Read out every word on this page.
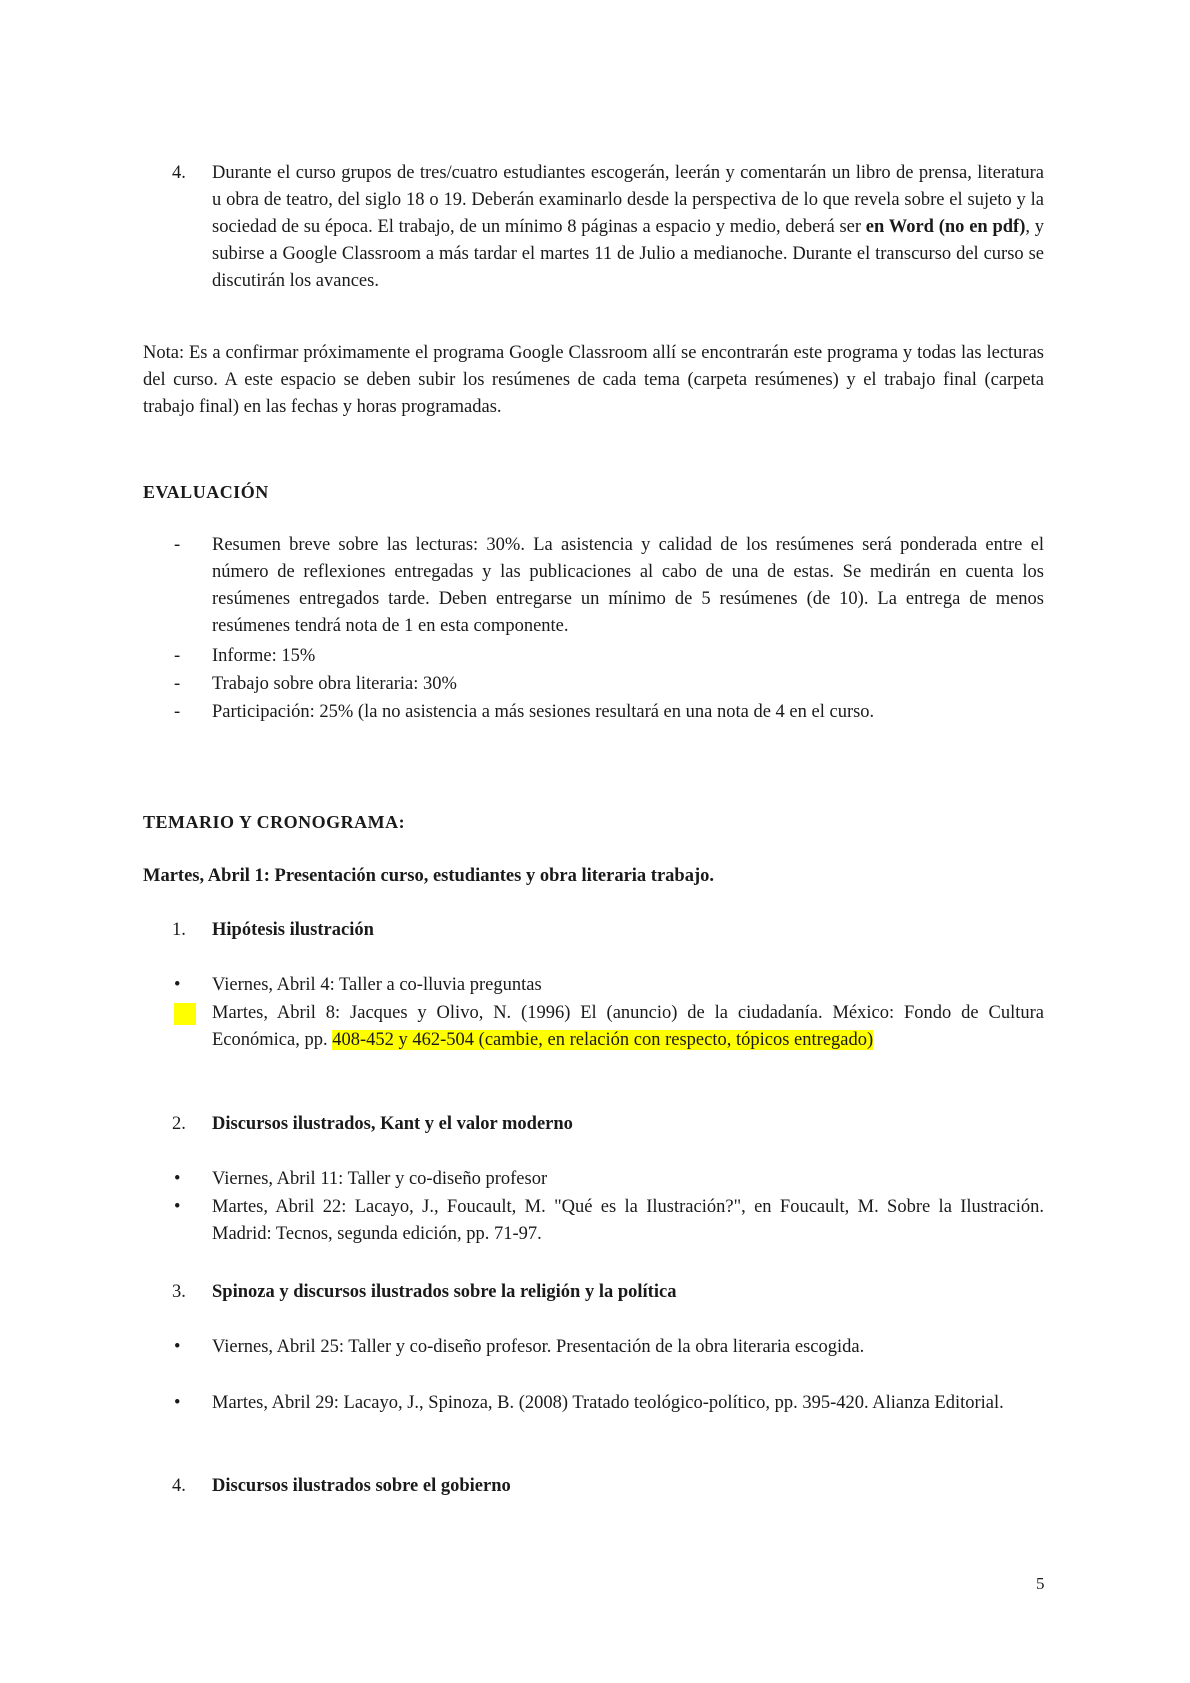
4.	Durante el curso grupos de tres/cuatro estudiantes escogerán, leerán y comentarán un libro de prensa, literatura u obra de teatro, del siglo 18 o 19. Deberán examinarlo desde la perspectiva de lo que revela sobre el sujeto y la sociedad de su época. El trabajo, de un mínimo 8 páginas a espacio y medio, deberá ser en Word (no en pdf), y subirse a Google Classroom a más tardar el martes 11 de Julio a medianoche. Durante el transcurso del curso se discutirán los avances.

Nota: Es a confirmar próximamente el programa Google Classroom allí se encontrarán este programa y todas las lecturas del curso. A este espacio se deben subir los resúmenes de cada tema (carpeta resúmenes) y el trabajo final (carpeta trabajo final) en las fechas y horas programadas.

EVALUACIÓN
-	Resumen breve sobre las lecturas: 30%. La asistencia y calidad de los resúmenes será ponderada entre el número de reflexiones entregadas y las publicaciones al cabo de una de estas. Se medirán en cuenta los resúmenes entregados tarde. Deben entregarse un mínimo de 5 resúmenes (de 10). La entrega de menos resúmenes tendrá nota de 1 en esta componente.
-	Informe: 15%
-	Trabajo sobre obra literaria: 30%
-	Participación: 25% (la no asistencia a más sesiones resultará en una nota de 4 en el curso.
TEMARIO Y CRONOGRAMA:
Martes, Abril 1: Presentación curso, estudiantes y obra literaria trabajo.
1. Hipótesis ilustración
•	Viernes, Abril 4: Taller a co-lluvia preguntas
Martes, Abril 8: Jacques y Olivo, N. (1996) El (anuncio) de la ciudadanía. México: Fondo de Cultura Económica, pp. 408-452 y 462-504 (cambie, en relación con respecto, tópicos entregado)
2. Discursos ilustrados, Kant y el valor moderno
•	Viernes, Abril 11: Taller y co-diseño profesor
•	Martes, Abril 22: Lacayo, J., Foucault, M. "Qué es la Ilustración?", en Foucault, M. Sobre la Ilustración. Madrid: Tecnos, segunda edición, pp. 71-97.
3. Spinoza y discursos ilustrados sobre la religión y la política
•	Viernes, Abril 25: Taller y co-diseño profesor. Presentación de la obra literaria escogida.
•	Martes, Abril 29: Lacayo, J., Spinoza, B. (2008) Tratado teológico-político, pp. 395-420. Alianza Editorial.
4. Discursos ilustrados sobre el gobierno
5
